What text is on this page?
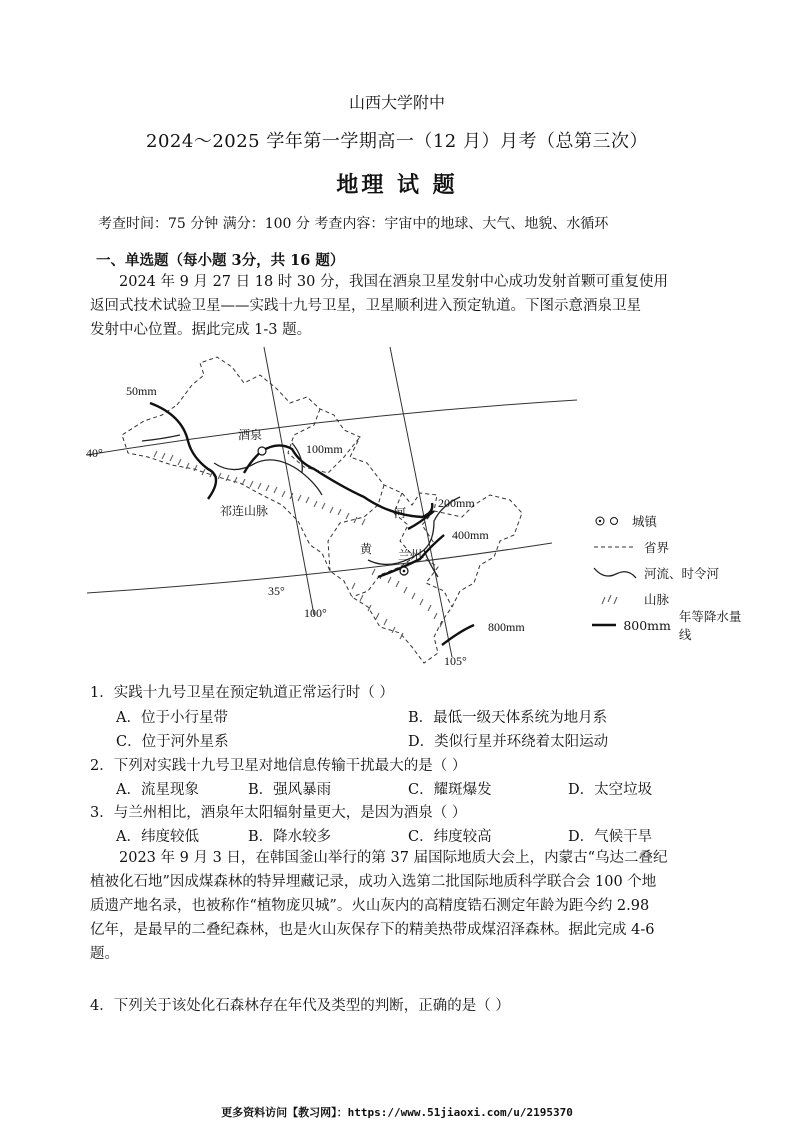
山西大学附中
2024～2025 学年第一学期高一（12 月）月考（总第三次）
地理 试 题
考查时间：75 分钟 满分：100 分 考查内容：宇宙中的地球、大气、地貌、水循环
一、单选题（每小题 3分，共 16 题）
2024 年 9 月 27 日 18 时 30 分，我国在酒泉卫星发射中心成功发射首颗可重复使用
返回式技术试验卫星——实践十九号卫星，卫星顺利进入预定轨道。下图示意酒泉卫星
发射中心位置。据此完成 1-3 题。
50mm
100mm
200mm
400mm
800mm
40°
35°
100°
105°
酒泉
祁连山脉	河
黄 兰州
城镇
省界
河流、时令河
山脉
800mm
年等降水量线
1．实践十九号卫星在预定轨道正常运行时（ ）
A．位于小行星带	B．最低一级天体系统为地月系
C．位于河外星系	D．类似行星并环绕着太阳运动
2．下列对实践十九号卫星对地信息传输干扰最大的是（ ）
A．流星现象	B．强风暴雨	C．耀斑爆发	D．太空垃圾
3．与兰州相比，酒泉年太阳辐射量更大，是因为酒泉（ ）
A．纬度较低	B．降水较多	C．纬度较高	D．气候干旱
2023 年 9 月 3 日，在韩国釜山举行的第 37 届国际地质大会上，内蒙古“乌达二叠纪
植被化石地”因成煤森林的特异埋藏记录，成功入选第二批国际地质科学联合会 100 个地
质遗产地名录，也被称作“植物庞贝城”。火山灰内的高精度锆石测定年龄为距今约 2.98
亿年，是最早的二叠纪森林，也是火山灰保存下的精美热带成煤沼泽森林。据此完成 4-6
题。
4．下列关于该处化石森林存在年代及类型的判断，正确的是（ ）
更多资料访问【教习网】：https://www.51jiaoxi.com/u/2195370
